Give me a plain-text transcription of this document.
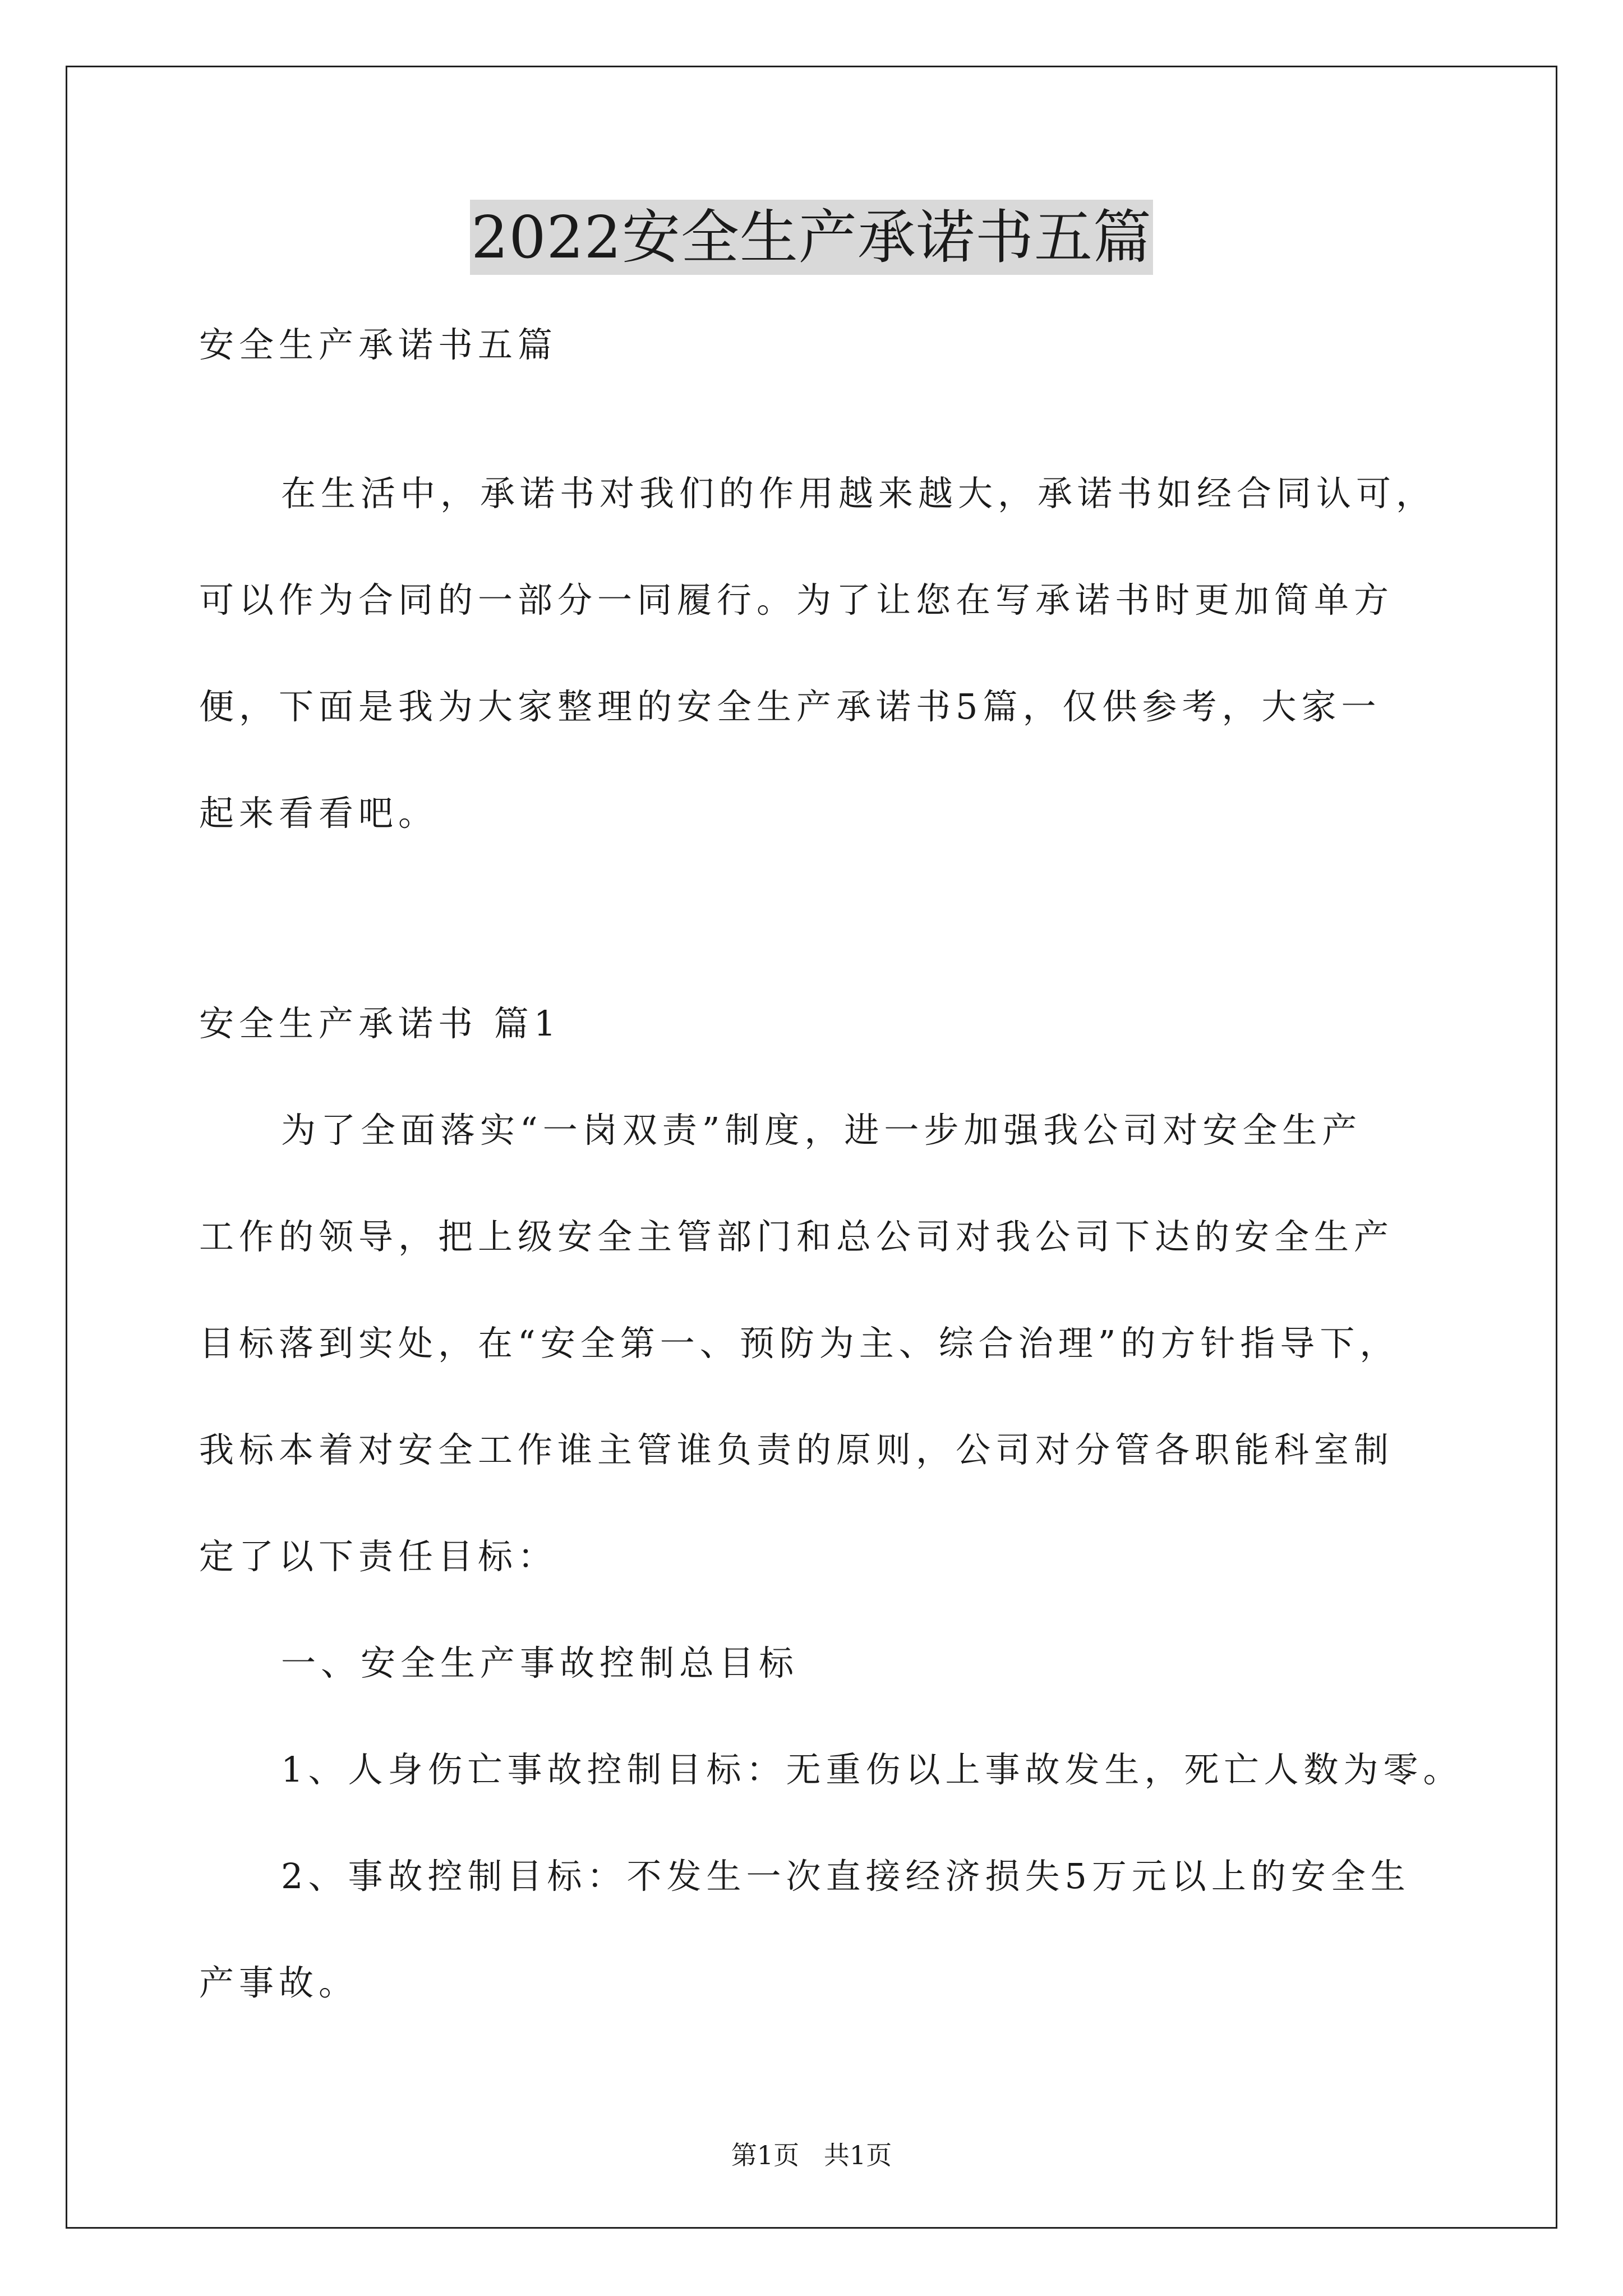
2022安全生产承诺书五篇
安全生产承诺书五篇
在生活中，承诺书对我们的作用越来越大，承诺书如经合同认可，
可以作为合同的一部分一同履行。为了让您在写承诺书时更加简单方
便，下面是我为大家整理的安全生产承诺书5篇，仅供参考，大家一
起来看看吧。
安全生产承诺书 篇1
为了全面落实“一岗双责”制度，进一步加强我公司对安全生产
工作的领导，把上级安全主管部门和总公司对我公司下达的安全生产
目标落到实处，在“安全第一、预防为主、综合治理”的方针指导下，
我标本着对安全工作谁主管谁负责的原则，公司对分管各职能科室制
定了以下责任目标：
一、安全生产事故控制总目标
1、人身伤亡事故控制目标：无重伤以上事故发生，死亡人数为零。
2、事故控制目标：不发生一次直接经济损失5万元以上的安全生
产事故。
第1页   共1页
